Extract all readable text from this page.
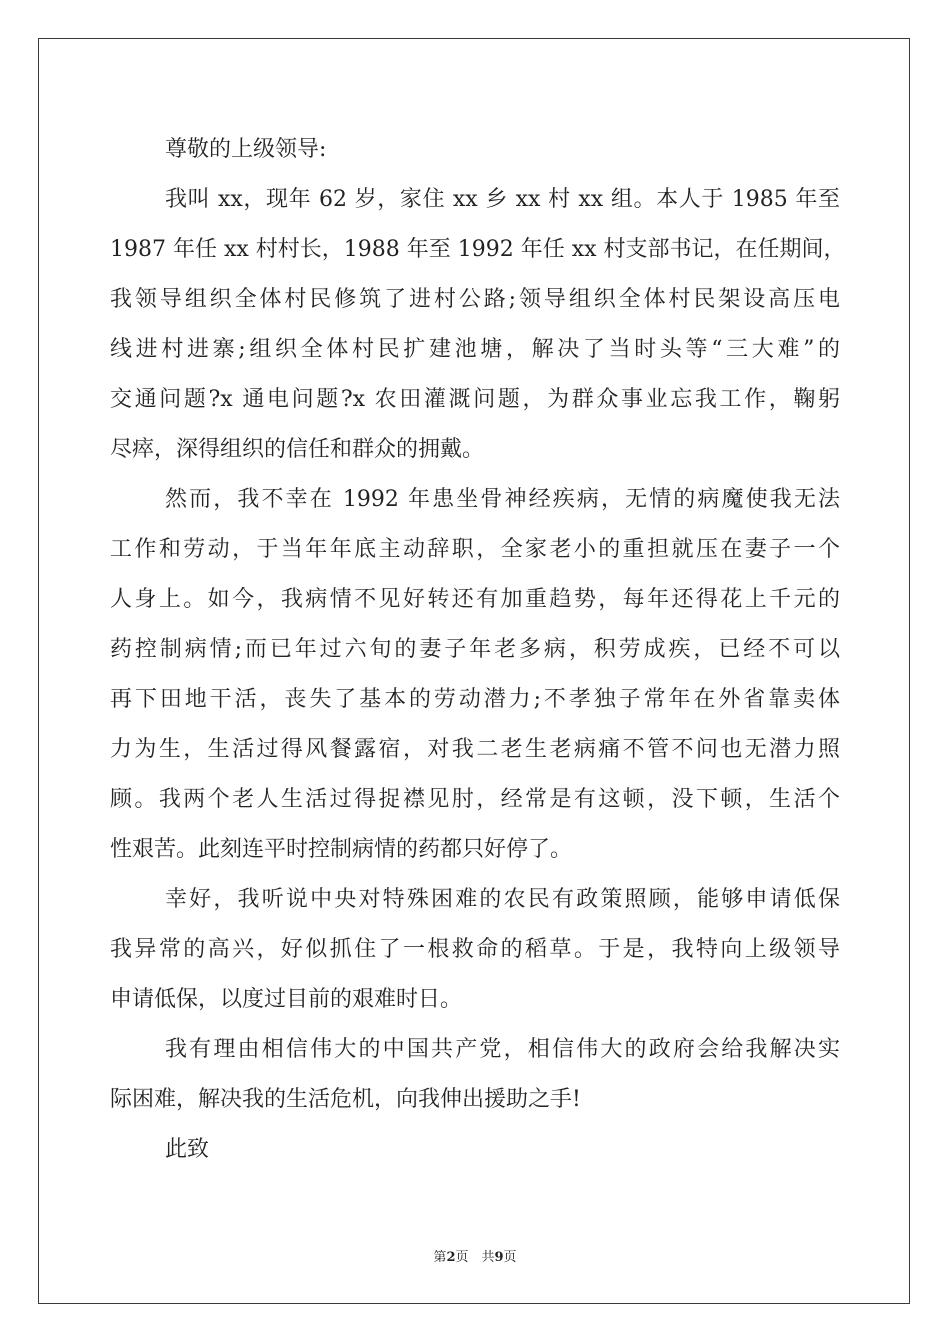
尊敬的上级领导:
我叫 xx，现年 62 岁，家住 xx 乡 xx 村 xx 组。本人于 1985 年至
1987 年任 xx 村村长，1988 年至 1992 年任 xx 村支部书记，在任期间，
我领导组织全体村民修筑了进村公路;领导组织全体村民架设高压电
线进村进寨;组织全体村民扩建池塘，解决了当时头等“三大难”的
交通问题?x 通电问题?x 农田灌溉问题，为群众事业忘我工作，鞠躬
尽瘁，深得组织的信任和群众的拥戴。
然而，我不幸在 1992 年患坐骨神经疾病，无情的病魔使我无法
工作和劳动，于当年年底主动辞职，全家老小的重担就压在妻子一个
人身上。如今，我病情不见好转还有加重趋势，每年还得花上千元的
药控制病情;而已年过六旬的妻子年老多病，积劳成疾，已经不可以
再下田地干活，丧失了基本的劳动潜力;不孝独子常年在外省靠卖体
力为生，生活过得风餐露宿，对我二老生老病痛不管不问也无潜力照
顾。我两个老人生活过得捉襟见肘，经常是有这顿，没下顿，生活个
性艰苦。此刻连平时控制病情的药都只好停了。
幸好，我听说中央对特殊困难的农民有政策照顾，能够申请低保
我异常的高兴，好似抓住了一根救命的稻草。于是，我特向上级领导
申请低保，以度过目前的艰难时日。
我有理由相信伟大的中国共产党，相信伟大的政府会给我解决实
际困难，解决我的生活危机，向我伸出援助之手!
此致
第2页　共9页
